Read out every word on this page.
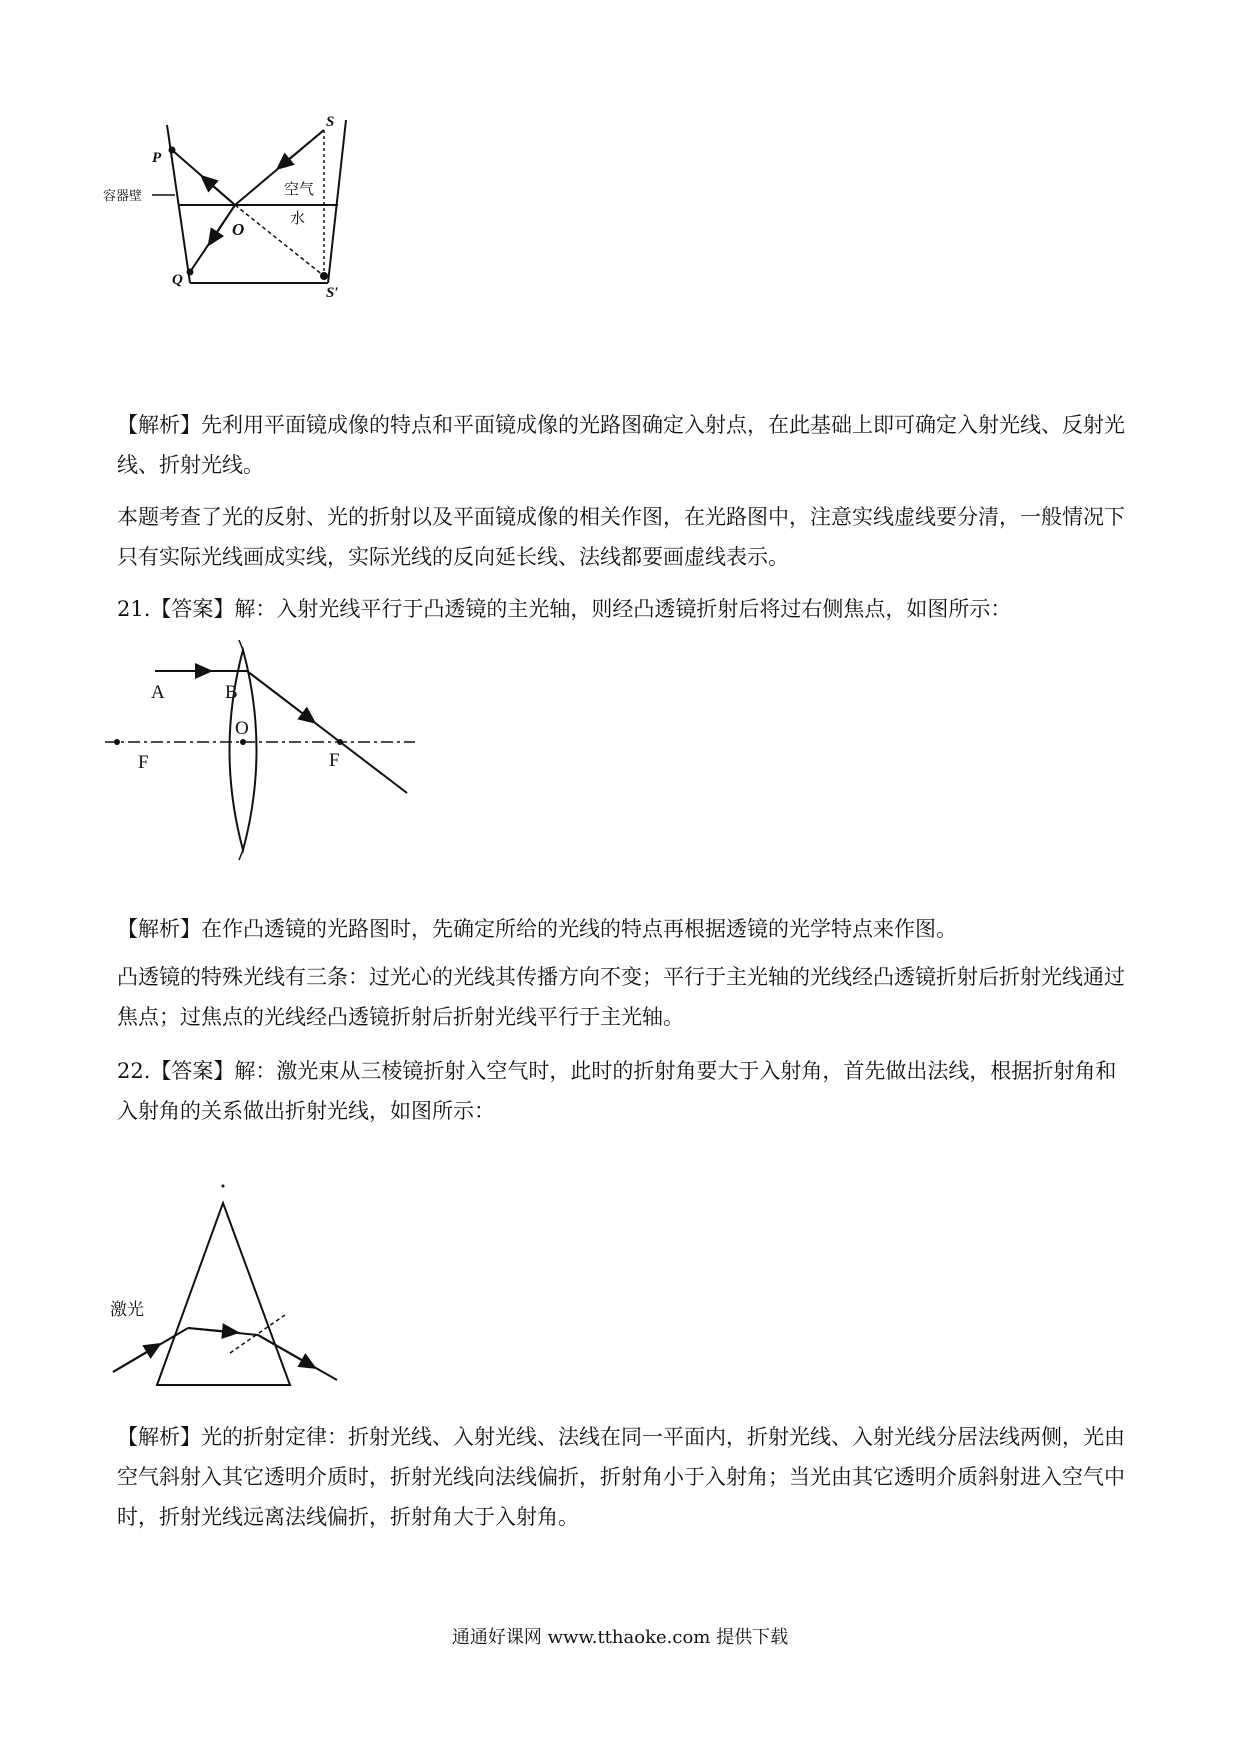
P
S
O
Q
S′
空气
水
容器壁

【解析】先利用平面镜成像的特点和平面镜成像的光路图确定入射点，在此基础上即可确定入射光线、反射光线、折射光线。

本题考查了光的反射、光的折射以及平面镜成像的相关作图，在光路图中，注意实线虚线要分清，一般情况下只有实际光线画成实线，实际光线的反向延长线、法线都要画虚线表示。

21.【答案】解：入射光线平行于凸透镜的主光轴，则经凸透镜折射后将过右侧焦点，如图所示：

A	B
O
F	F

【解析】在作凸透镜的光路图时，先确定所给的光线的特点再根据透镜的光学特点来作图。

凸透镜的特殊光线有三条：过光心的光线其传播方向不变；平行于主光轴的光线经凸透镜折射后折射光线通过焦点；过焦点的光线经凸透镜折射后折射光线平行于主光轴。

22.【答案】解：激光束从三棱镜折射入空气时，此时的折射角要大于入射角，首先做出法线，根据折射角和入射角的关系做出折射光线，如图所示：

激光

【解析】光的折射定律：折射光线、入射光线、法线在同一平面内，折射光线、入射光线分居法线两侧，光由空气斜射入其它透明介质时，折射光线向法线偏折，折射角小于入射角；当光由其它透明介质斜射进入空气中时，折射光线远离法线偏折，折射角大于入射角。

通通好课网 www.tthaoke.com 提供下载
